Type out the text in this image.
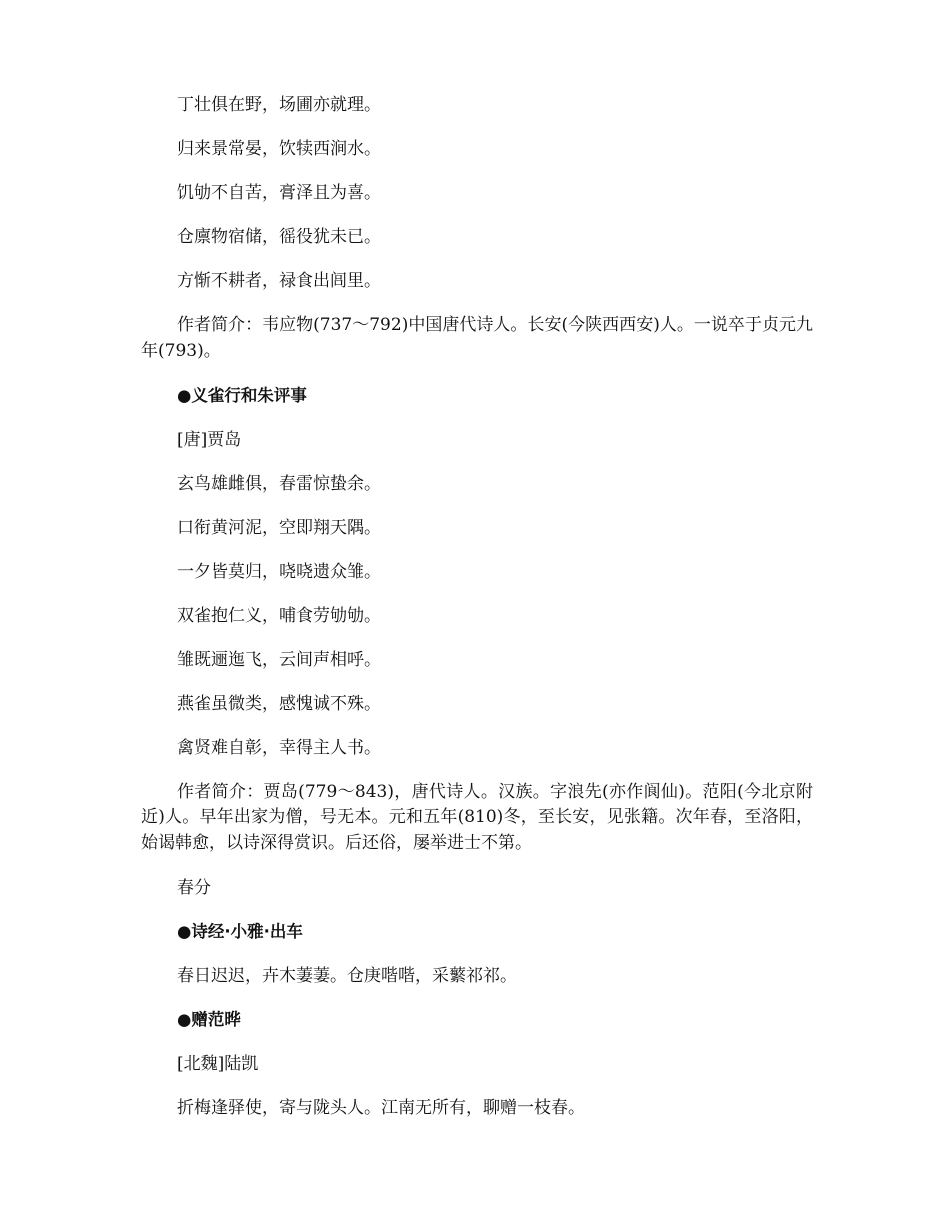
丁壮俱在野，场圃亦就理。

归来景常晏，饮犊西涧水。

饥劬不自苦，膏泽且为喜。

仓廪物宿储，徭役犹未已。

方惭不耕者，禄食出闾里。

作者简介：韦应物(737～792)中国唐代诗人。长安(今陕西西安)人。一说卒于贞元九年(793)。

●义雀行和朱评事

[唐]贾岛

玄鸟雄雌俱，春雷惊蛰余。

口衔黄河泥，空即翔天隅。

一夕皆莫归，哓哓遗众雏。

双雀抱仁义，哺食劳劬劬。

雏既逦迤飞，云间声相呼。

燕雀虽微类，感愧诚不殊。

禽贤难自彰，幸得主人书。

作者简介：贾岛(779～843)，唐代诗人。汉族。字浪先(亦作阆仙)。范阳(今北京附近)人。早年出家为僧，号无本。元和五年(810)冬，至长安，见张籍。次年春，至洛阳，始谒韩愈，以诗深得赏识。后还俗，屡举进士不第。

春分

●诗经·小雅·出车

春日迟迟，卉木萋萋。仓庚喈喈，采蘩祁祁。

●赠范晔

[北魏]陆凯

折梅逢驿使，寄与陇头人。江南无所有，聊赠一枝春。
